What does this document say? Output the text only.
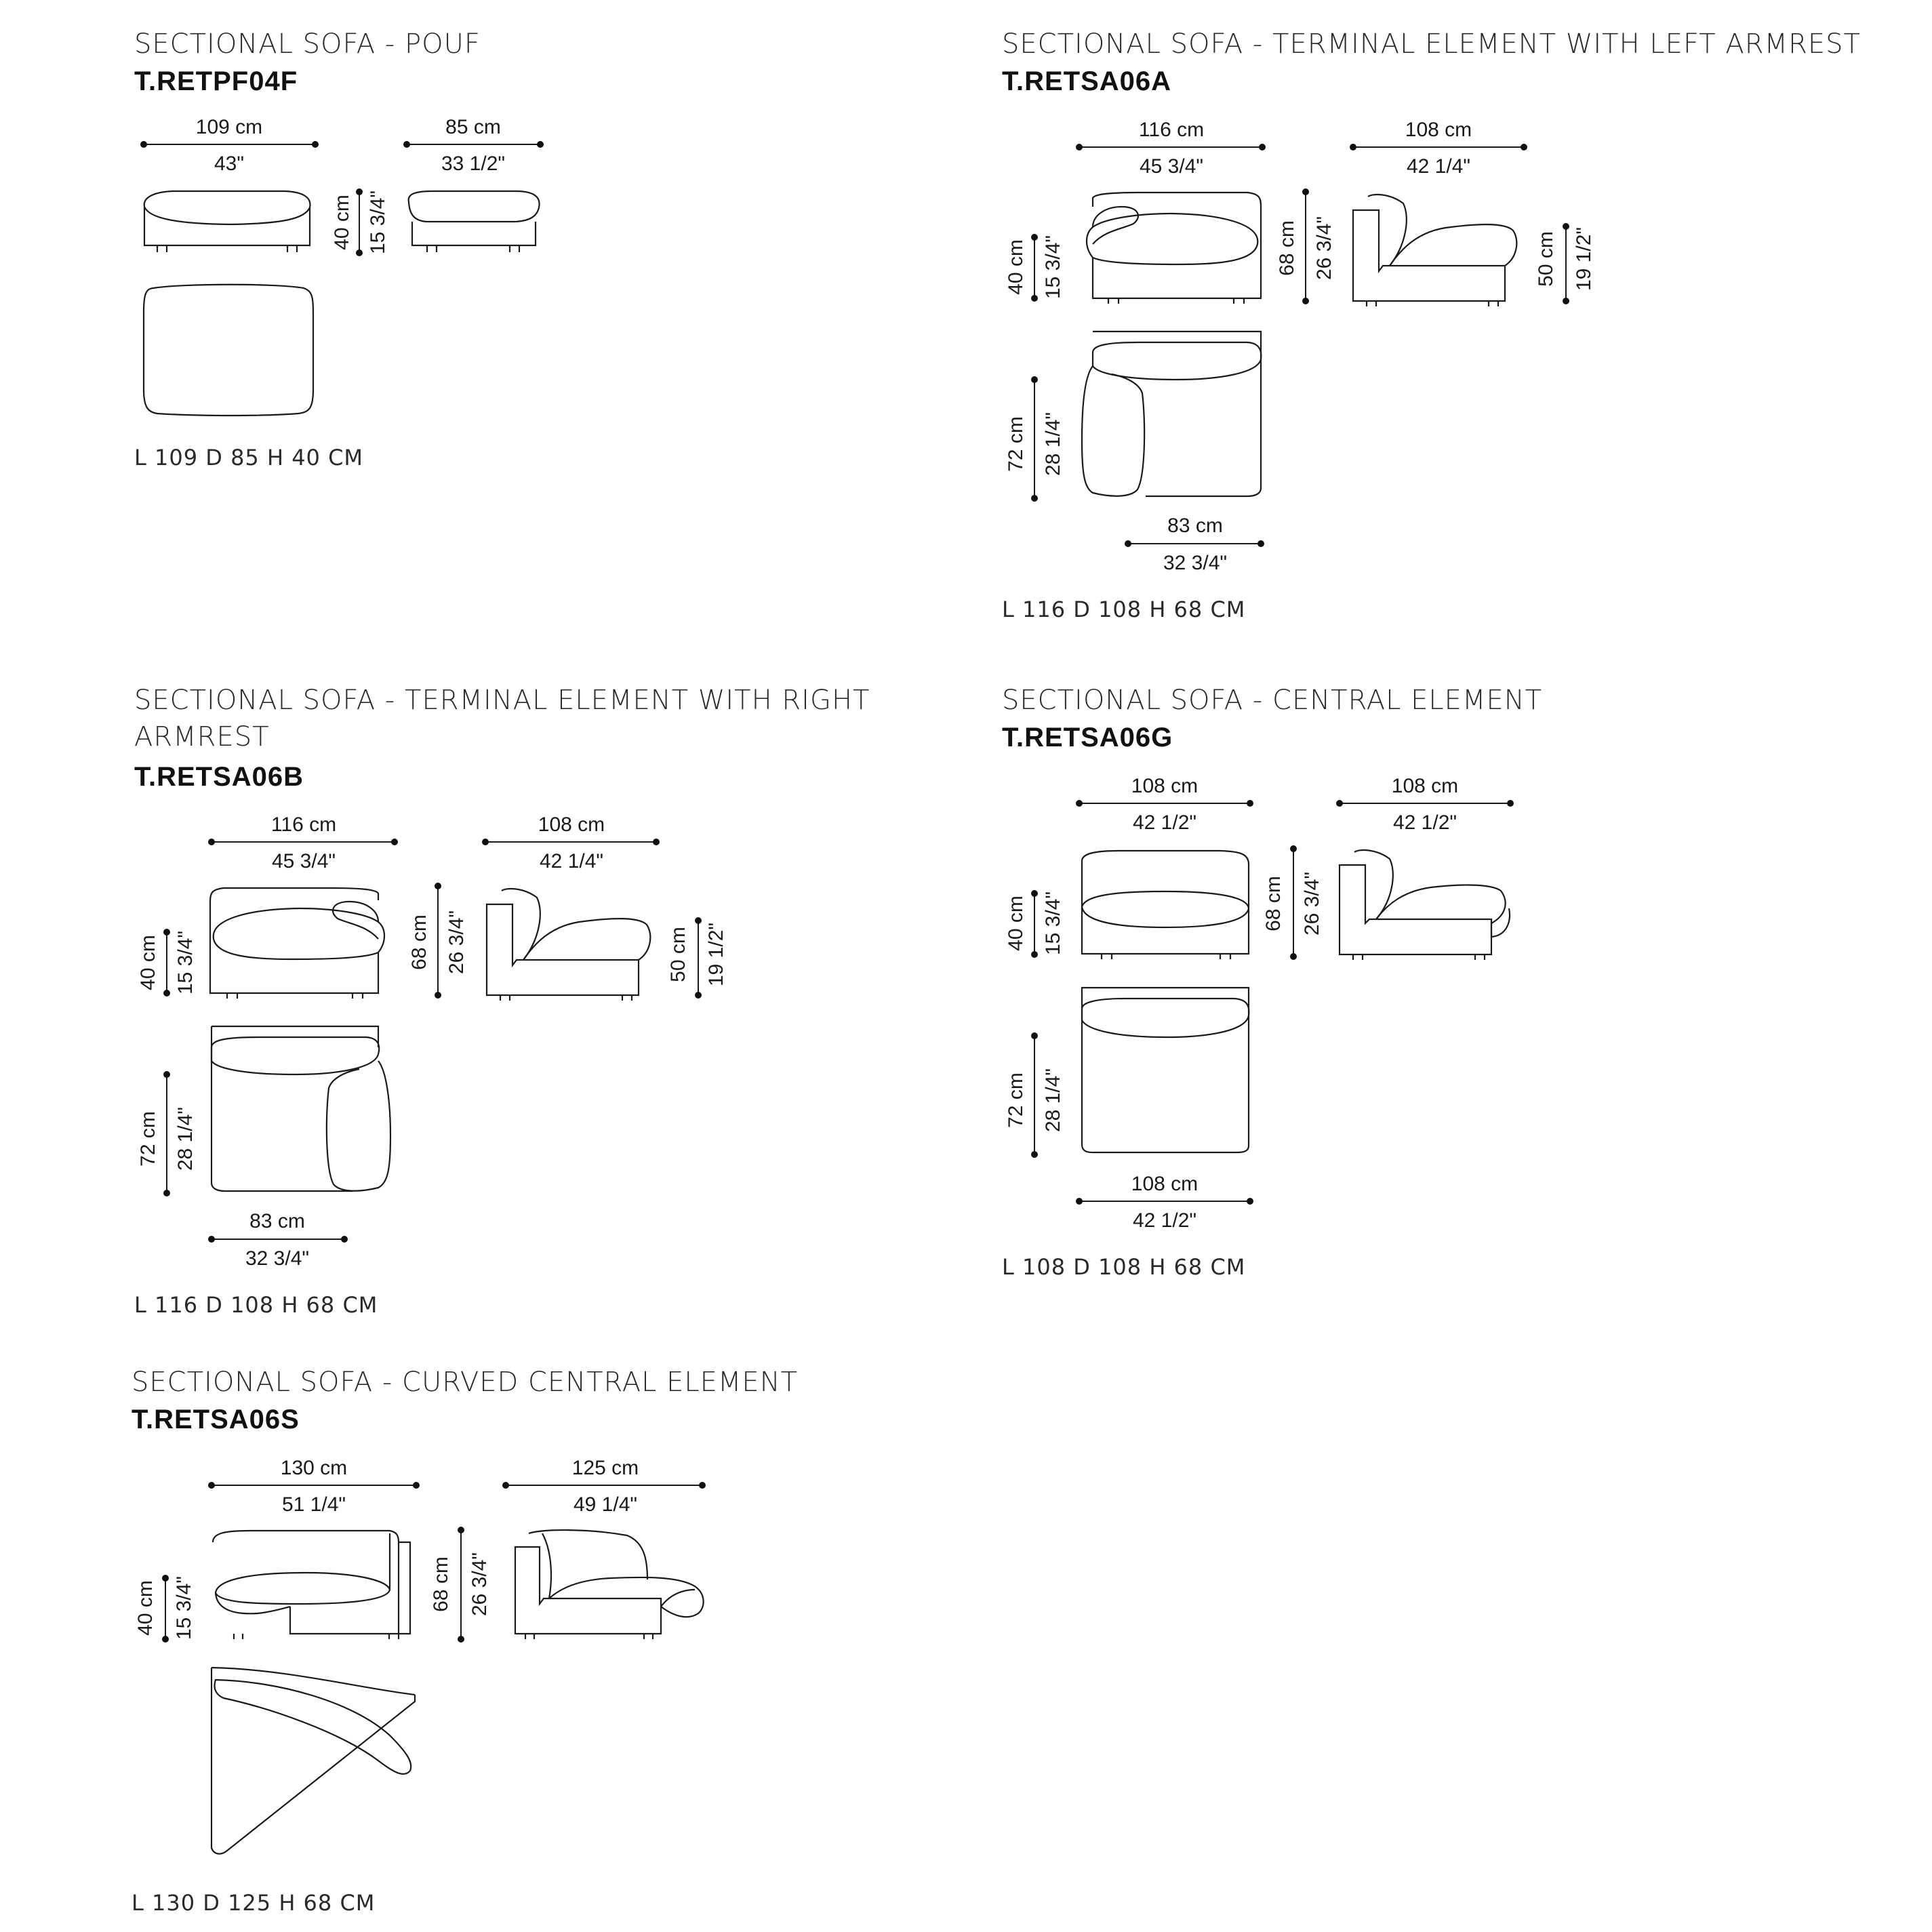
SECTIONAL SOFA - POUF
T.RETPF04F
L 109 D 85 H 40 CM
SECTIONAL SOFA - TERMINAL ELEMENT WITH LEFT ARMREST
T.RETSA06A
L 116 D 108 H 68 CM
SECTIONAL SOFA - TERMINAL ELEMENT WITH RIGHT
ARMREST
T.RETSA06B
L 116 D 108 H 68 CM
SECTIONAL SOFA - CENTRAL ELEMENT
T.RETSA06G
L 108 D 108 H 68 CM
SECTIONAL SOFA - CURVED CENTRAL ELEMENT
T.RETSA06S
L 130 D 125 H 68 CM
109 cm
43"
85 cm
33 1/2"
40 cm 15 3/4"
116 cm
45 3/4"
108 cm
42 1/4"
40 cm 15 3/4"	68 cm 26 3/4"	50 cm 19 1/2"
72 cm 28 1/4"
83 cm
32 3/4"
116 cm
45 3/4"
108 cm
42 1/4"
40 cm 15 3/4"	68 cm 26 3/4"	50 cm 19 1/2"
72 cm 28 1/4"
83 cm
32 3/4"
108 cm
42 1/2"
108 cm
42 1/2"
40 cm 15 3/4"	68 cm 26 3/4"
72 cm 28 1/4"
108 cm
42 1/2"
130 cm
51 1/4"
125 cm
49 1/4"
40 cm 15 3/4"	68 cm 26 3/4"
